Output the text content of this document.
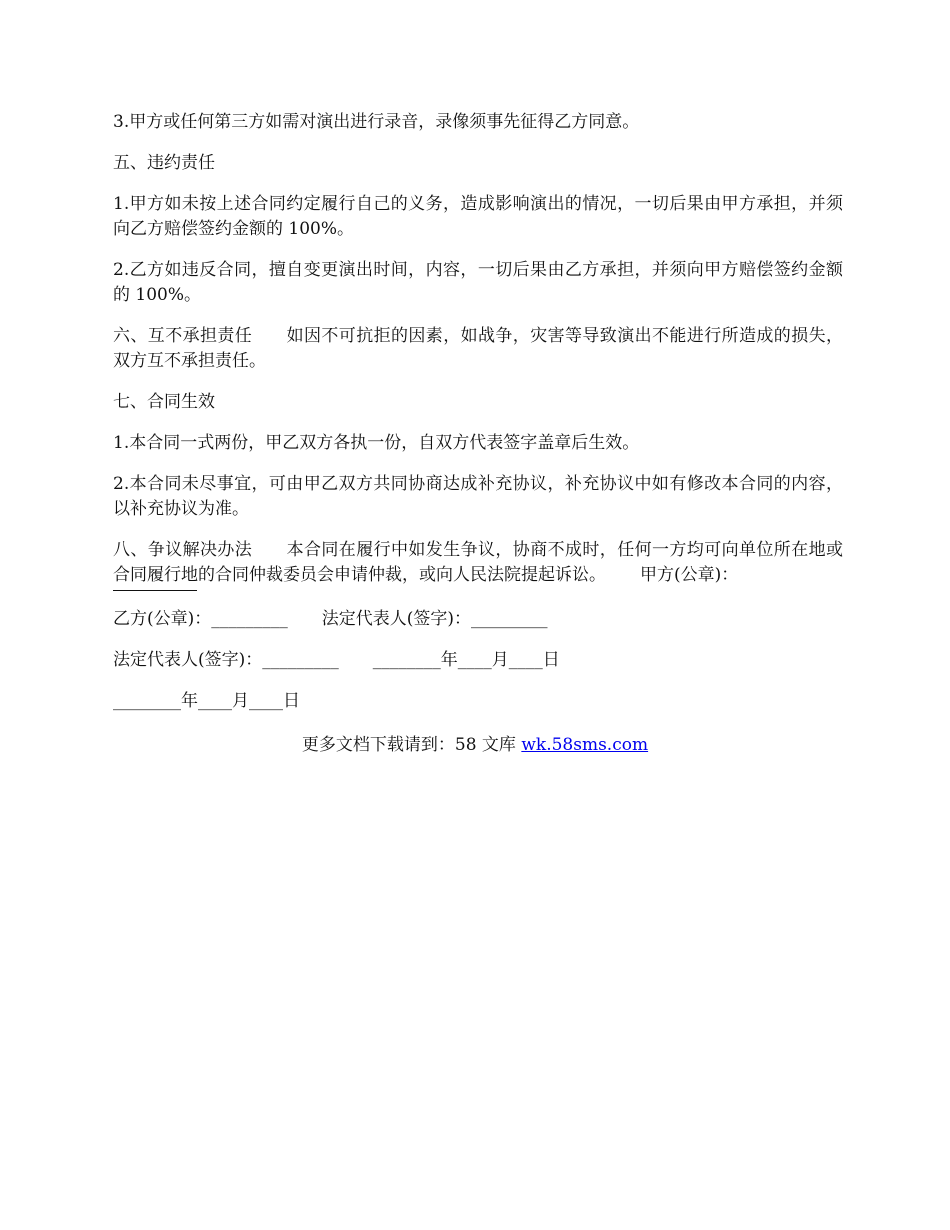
3.甲方或任何第三方如需对演出进行录音，录像须事先征得乙方同意。

五、违约责任

1.甲方如未按上述合同约定履行自己的义务，造成影响演出的情况，一切后果由甲方承担，并须向乙方赔偿签约金额的 100%。

2.乙方如违反合同，擅自变更演出时间，内容，一切后果由乙方承担，并须向甲方赔偿签约金额的 100%。

六、互不承担责任 如因不可抗拒的因素，如战争，灾害等导致演出不能进行所造成的损失，双方互不承担责任。

七、合同生效

1.本合同一式两份，甲乙双方各执一份，自双方代表签字盖章后生效。

2.本合同未尽事宜，可由甲乙双方共同协商达成补充协议，补充协议中如有修改本合同的内容，以补充协议为准。

八、争议解决办法 本合同在履行中如发生争议，协商不成时，任何一方均可向单位所在地或合同履行地的合同仲裁委员会申请仲裁，或向人民法院提起诉讼。 甲方(公章)：

乙方(公章)：_________　　法定代表人(签字)：_________

法定代表人(签字)：_________　　________年____月____日

________年____月____日

更多文档下载请到：58 文库 wk.58sms.com
